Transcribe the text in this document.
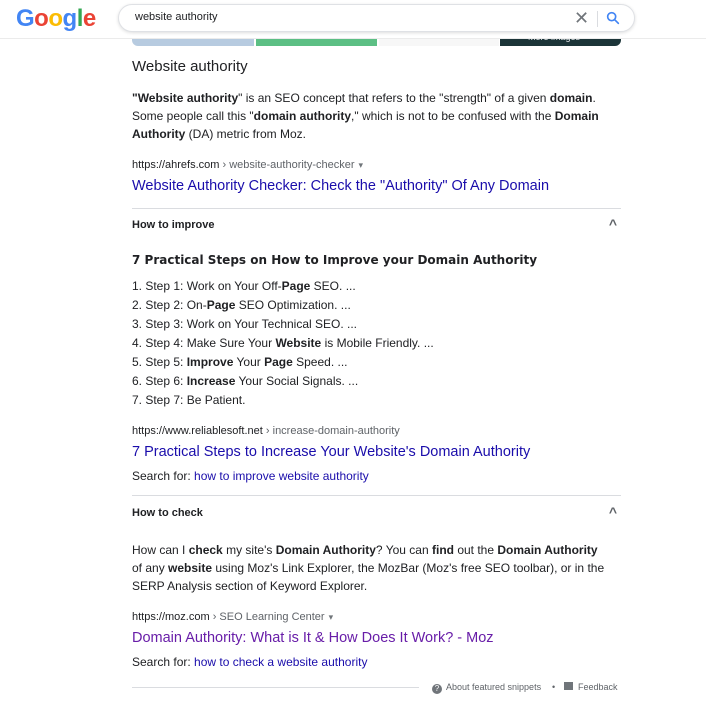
Google
website authority	✕
Website authority
"Website authority" is an SEO concept that refers to the "strength" of a given domain. Some people call this "domain authority," which is not to be confused with the Domain Authority (DA) metric from Moz.
https://ahrefs.com › website-authority-checker ▾
Website Authority Checker: Check the "Authority" Of Any Domain
How to improve	^
7 Practical Steps on How to Improve your Domain Authority
1. Step 1: Work on Your Off-Page SEO. ...
2. Step 2: On-Page SEO Optimization. ...
3. Step 3: Work on Your Technical SEO. ...
4. Step 4: Make Sure Your Website is Mobile Friendly. ...
5. Step 5: Improve Your Page Speed. ...
6. Step 6: Increase Your Social Signals. ...
7. Step 7: Be Patient.
https://www.reliablesoft.net › increase-domain-authority
7 Practical Steps to Increase Your Website's Domain Authority
Search for: how to improve website authority
How to check	^
How can I check my site's Domain Authority? You can find out the Domain Authority of any website using Moz's Link Explorer, the MozBar (Moz's free SEO toolbar), or in the SERP Analysis section of Keyword Explorer.
https://moz.com › SEO Learning Center ▾
Domain Authority: What is It & How Does It Work? - Moz
Search for: how to check a website authority
? About featured snippets •	Feedback
